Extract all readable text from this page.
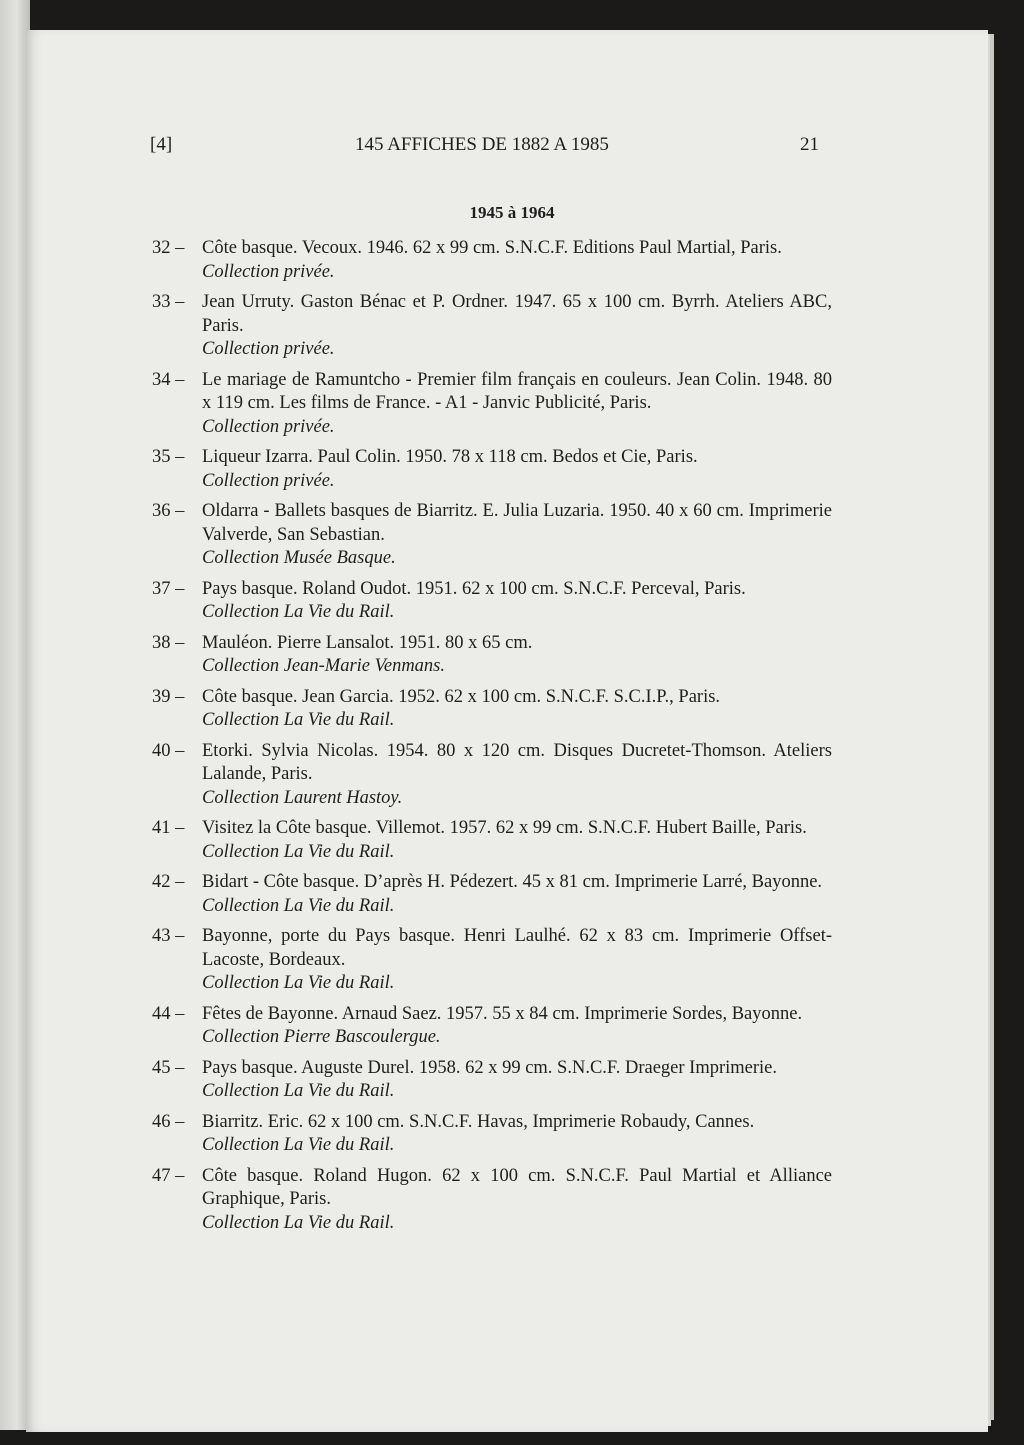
[4]	145 AFFICHES DE 1882 A 1985	21
1945 à 1964
32 – Côte basque. Vecoux. 1946. 62 x 99 cm. S.N.C.F. Editions Paul Martial, Paris.
Collection privée.
33 – Jean Urruty. Gaston Bénac et P. Ordner. 1947. 65 x 100 cm. Byrrh. Ateliers ABC, Paris.
Collection privée.
34 – Le mariage de Ramuntcho - Premier film français en couleurs. Jean Colin. 1948. 80 x 119 cm. Les films de France. - A1 - Janvic Publicité, Paris.
Collection privée.
35 – Liqueur Izarra. Paul Colin. 1950. 78 x 118 cm. Bedos et Cie, Paris.
Collection privée.
36 – Oldarra - Ballets basques de Biarritz. E. Julia Luzaria. 1950. 40 x 60 cm. Imprimerie Valverde, San Sebastian.
Collection Musée Basque.
37 – Pays basque. Roland Oudot. 1951. 62 x 100 cm. S.N.C.F. Perceval, Paris.
Collection La Vie du Rail.
38 – Mauléon. Pierre Lansalot. 1951. 80 x 65 cm.
Collection Jean-Marie Venmans.
39 – Côte basque. Jean Garcia. 1952. 62 x 100 cm. S.N.C.F. S.C.I.P., Paris.
Collection La Vie du Rail.
40 – Etorki. Sylvia Nicolas. 1954. 80 x 120 cm. Disques Ducretet-Thomson. Ateliers Lalande, Paris.
Collection Laurent Hastoy.
41 – Visitez la Côte basque. Villemot. 1957. 62 x 99 cm. S.N.C.F. Hubert Baille, Paris.
Collection La Vie du Rail.
42 – Bidart - Côte basque. D’après H. Pédezert. 45 x 81 cm. Imprimerie Larré, Bayonne.
Collection La Vie du Rail.
43 – Bayonne, porte du Pays basque. Henri Laulhé. 62 x 83 cm. Imprimerie Offset-Lacoste, Bordeaux.
Collection La Vie du Rail.
44 – Fêtes de Bayonne. Arnaud Saez. 1957. 55 x 84 cm. Imprimerie Sordes, Bayonne.
Collection Pierre Bascoulergue.
45 – Pays basque. Auguste Durel. 1958. 62 x 99 cm. S.N.C.F. Draeger Imprimerie.
Collection La Vie du Rail.
46 – Biarritz. Eric. 62 x 100 cm. S.N.C.F. Havas, Imprimerie Robaudy, Cannes.
Collection La Vie du Rail.
47 – Côte basque. Roland Hugon. 62 x 100 cm. S.N.C.F. Paul Martial et Alliance Graphique, Paris.
Collection La Vie du Rail.
